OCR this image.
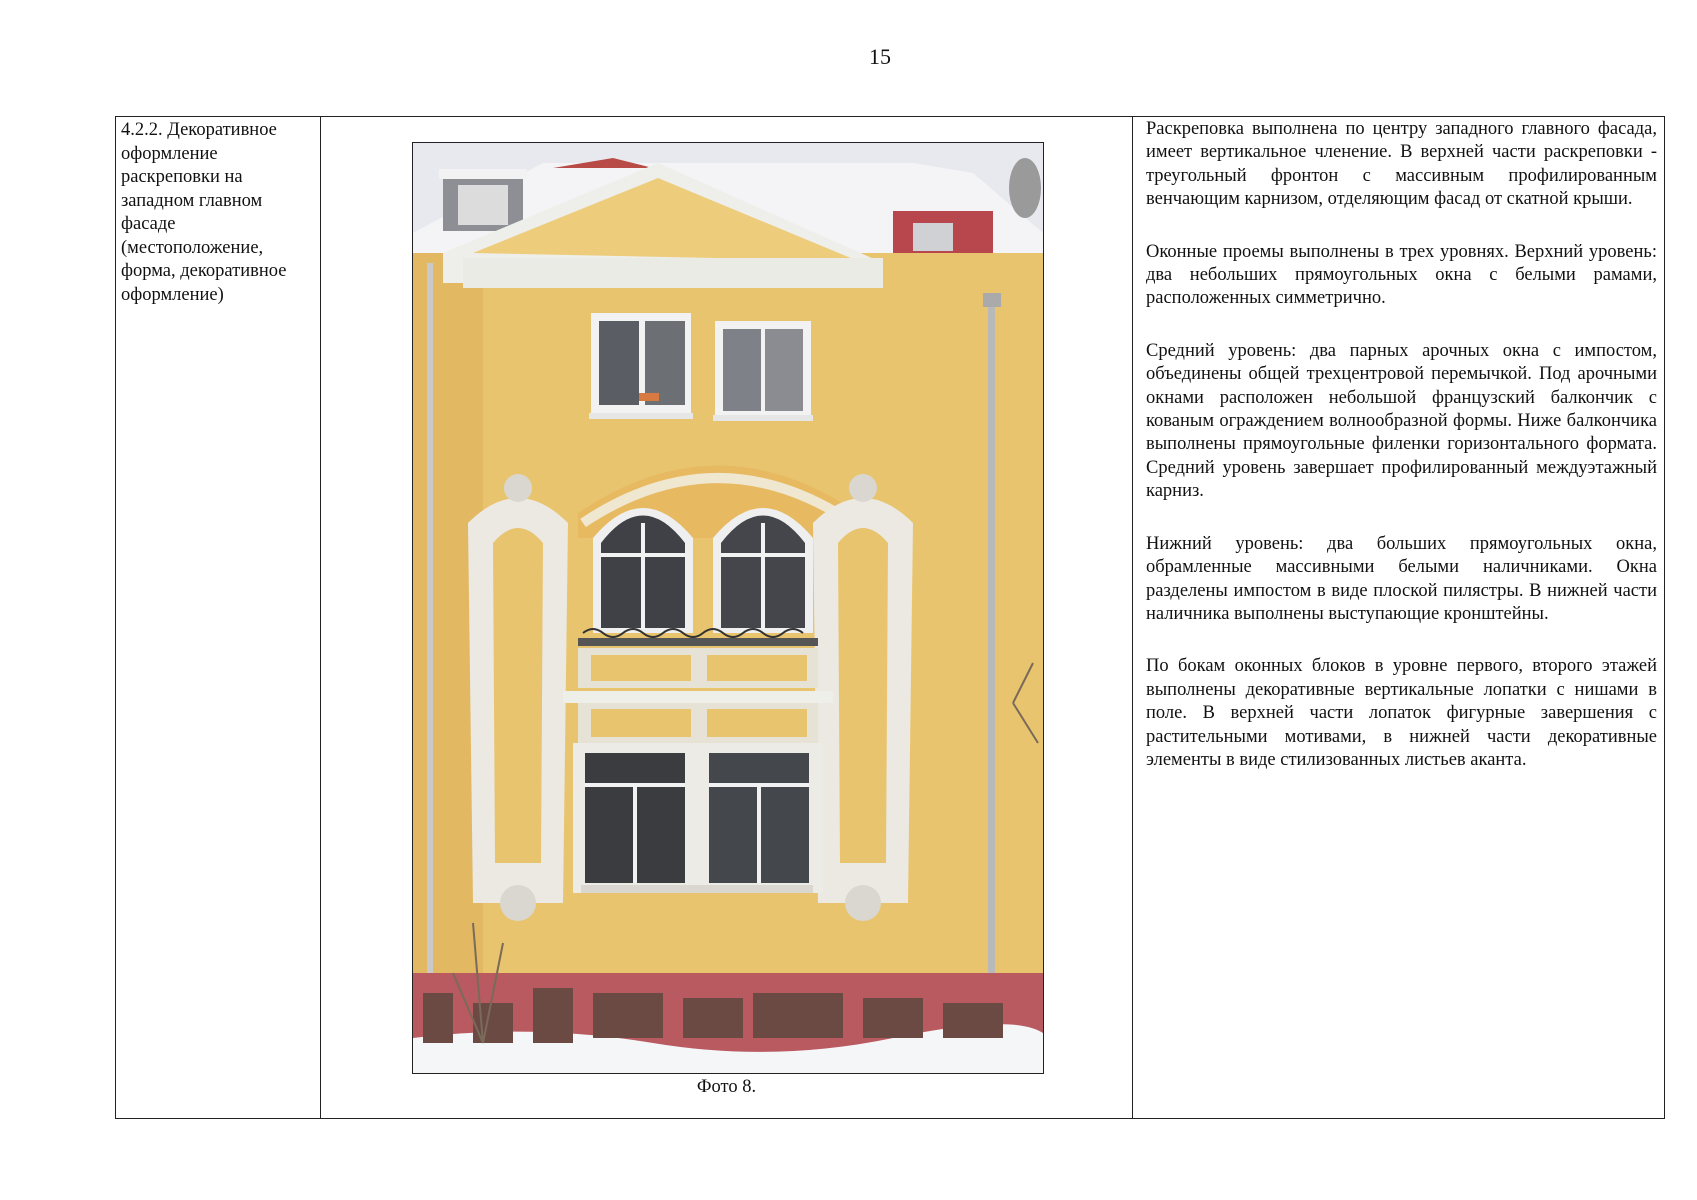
15
4.2.2. Декоративное оформление раскреповки на западном главном фасаде (местоположение, форма, декоративное оформление)

Фото 8.

Раскреповка выполнена по центру западного главного фасада, имеет вертикальное членение. В верхней части раскреповки - треугольный фронтон с массивным профилированным венчающим карнизом, отделяющим фасад от скатной крыши.

Оконные проемы выполнены в трех уровнях. Верхний уровень: два небольших прямоугольных окна с белыми рамами, расположенных симметрично.

Средний уровень: два парных арочных окна с импостом, объединены общей трехцентровой перемычкой. Под арочными окнами расположен небольшой французский балкончик с кованым ограждением волнообразной формы. Ниже балкончика выполнены прямоугольные филенки горизонтального формата. Средний уровень завершает профилированный междуэтажный карниз.

Нижний уровень: два больших прямоугольных окна, обрамленные массивными белыми наличниками. Окна разделены импостом в виде плоской пилястры. В нижней части наличника выполнены выступающие кронштейны.

По бокам оконных блоков в уровне первого, второго этажей выполнены декоративные вертикальные лопатки с нишами в поле. В верхней части лопаток фигурные завершения с растительными мотивами, в нижней части декоративные элементы в виде стилизованных листьев аканта.
